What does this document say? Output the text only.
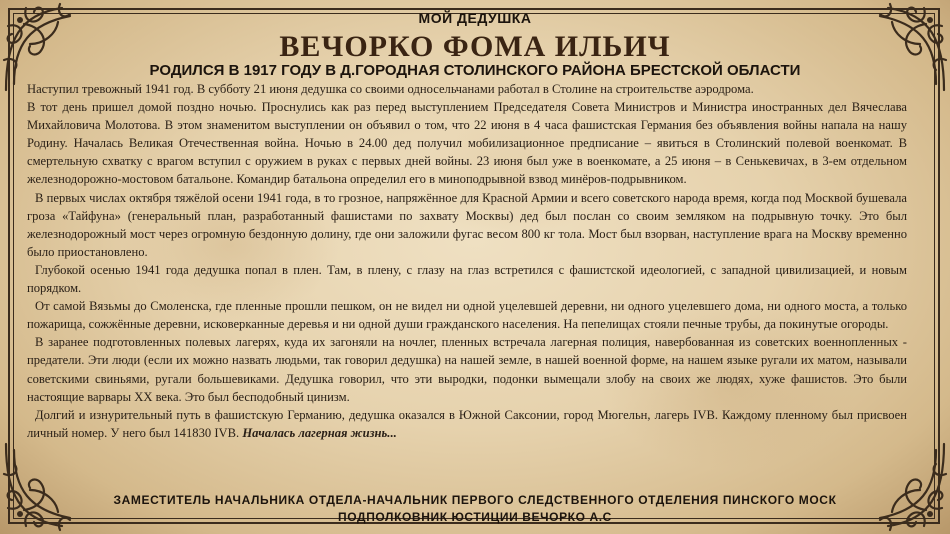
МОЙ ДЕДУШКА
ВЕЧОРКО ФОМА ИЛЬИЧ
РОДИЛСЯ В 1917 ГОДУ В Д.ГОРОДНАЯ СТОЛИНСКОГО РАЙОНА БРЕСТСКОЙ ОБЛАСТИ

Наступил тревожный 1941 год. В субботу 21 июня дедушка со своими односельчанами работал в Столине на строительстве аэродрома.

В тот день пришел домой поздно ночью. Проснулись как раз перед выступлением Председателя Совета Министров и Министра иностранных дел Вячеслава Михайловича Молотова. В этом знаменитом выступлении он объявил о том, что 22 июня в 4 часа фашистская Германия без объявления войны напала на нашу Родину. Началась Великая Отечественная война. Ночью в 24.00 дед получил мобилизационное предписание – явиться в Столинский полевой военкомат. В смертельную схватку с врагом вступил с оружием в руках с первых дней войны. 23 июня был уже в военкомате, а 25 июня – в Сенькевичах, в 3-ем отдельном железнодорожно-мостовом батальоне. Командир батальона определил его в миноподрывной взвод минёров-подрывником.

В первых числах октября тяжёлой осени 1941 года, в то грозное, напряжённое для Красной Армии и всего советского народа время, когда под Москвой бушевала гроза «Тайфуна» (генеральный план, разработанный фашистами по захвату Москвы) дед был послан со своим земляком на подрывную точку. Это был железнодорожный мост через огромную бездонную долину, где они заложили фугас весом 800 кг тола. Мост был взорван, наступление врага на Москву временно было приостановлено.

Глубокой осенью 1941 года дедушка попал в плен. Там, в плену, с глазу на глаз встретился с фашистской идеологией, с западной цивилизацией, и новым порядком.

От самой Вязьмы до Смоленска, где пленные прошли пешком, он не видел ни одной уцелевшей деревни, ни одного уцелевшего дома, ни одного моста, а только пожарища, сожжённые деревни, исковерканные деревья и ни одной души гражданского населения. На пепелищах стояли печные трубы, да покинутые огороды.

В заранее подготовленных полевых лагерях, куда их загоняли на ночлег, пленных встречала лагерная полиция, навербованная из советских военнопленных - предатели. Эти люди (если их можно назвать людьми, так говорил дедушка) на нашей земле, в нашей военной форме, на нашем языке ругали их матом, называли советскими свиньями, ругали большевиками. Дедушка говорил, что эти выродки, подонки вымещали злобу на своих же людях, хуже фашистов. Это были настоящие варвары XX века. Это был бесподобный цинизм.

Долгий и изнурительный путь в фашистскую Германию, дедушка оказался в Южной Саксонии, город Мюгельн, лагерь IVB. Каждому пленному был присвоен личный номер. У него был 141830 IVB. Началась лагерная жизнь...

ЗАМЕСТИТЕЛЬ НАЧАЛЬНИКА ОТДЕЛА-НАЧАЛЬНИК ПЕРВОГО СЛЕДСТВЕННОГО ОТДЕЛЕНИЯ ПИНСКОГО МОСК
ПОДПОЛКОВНИК ЮСТИЦИИ ВЕЧОРКО А.С
